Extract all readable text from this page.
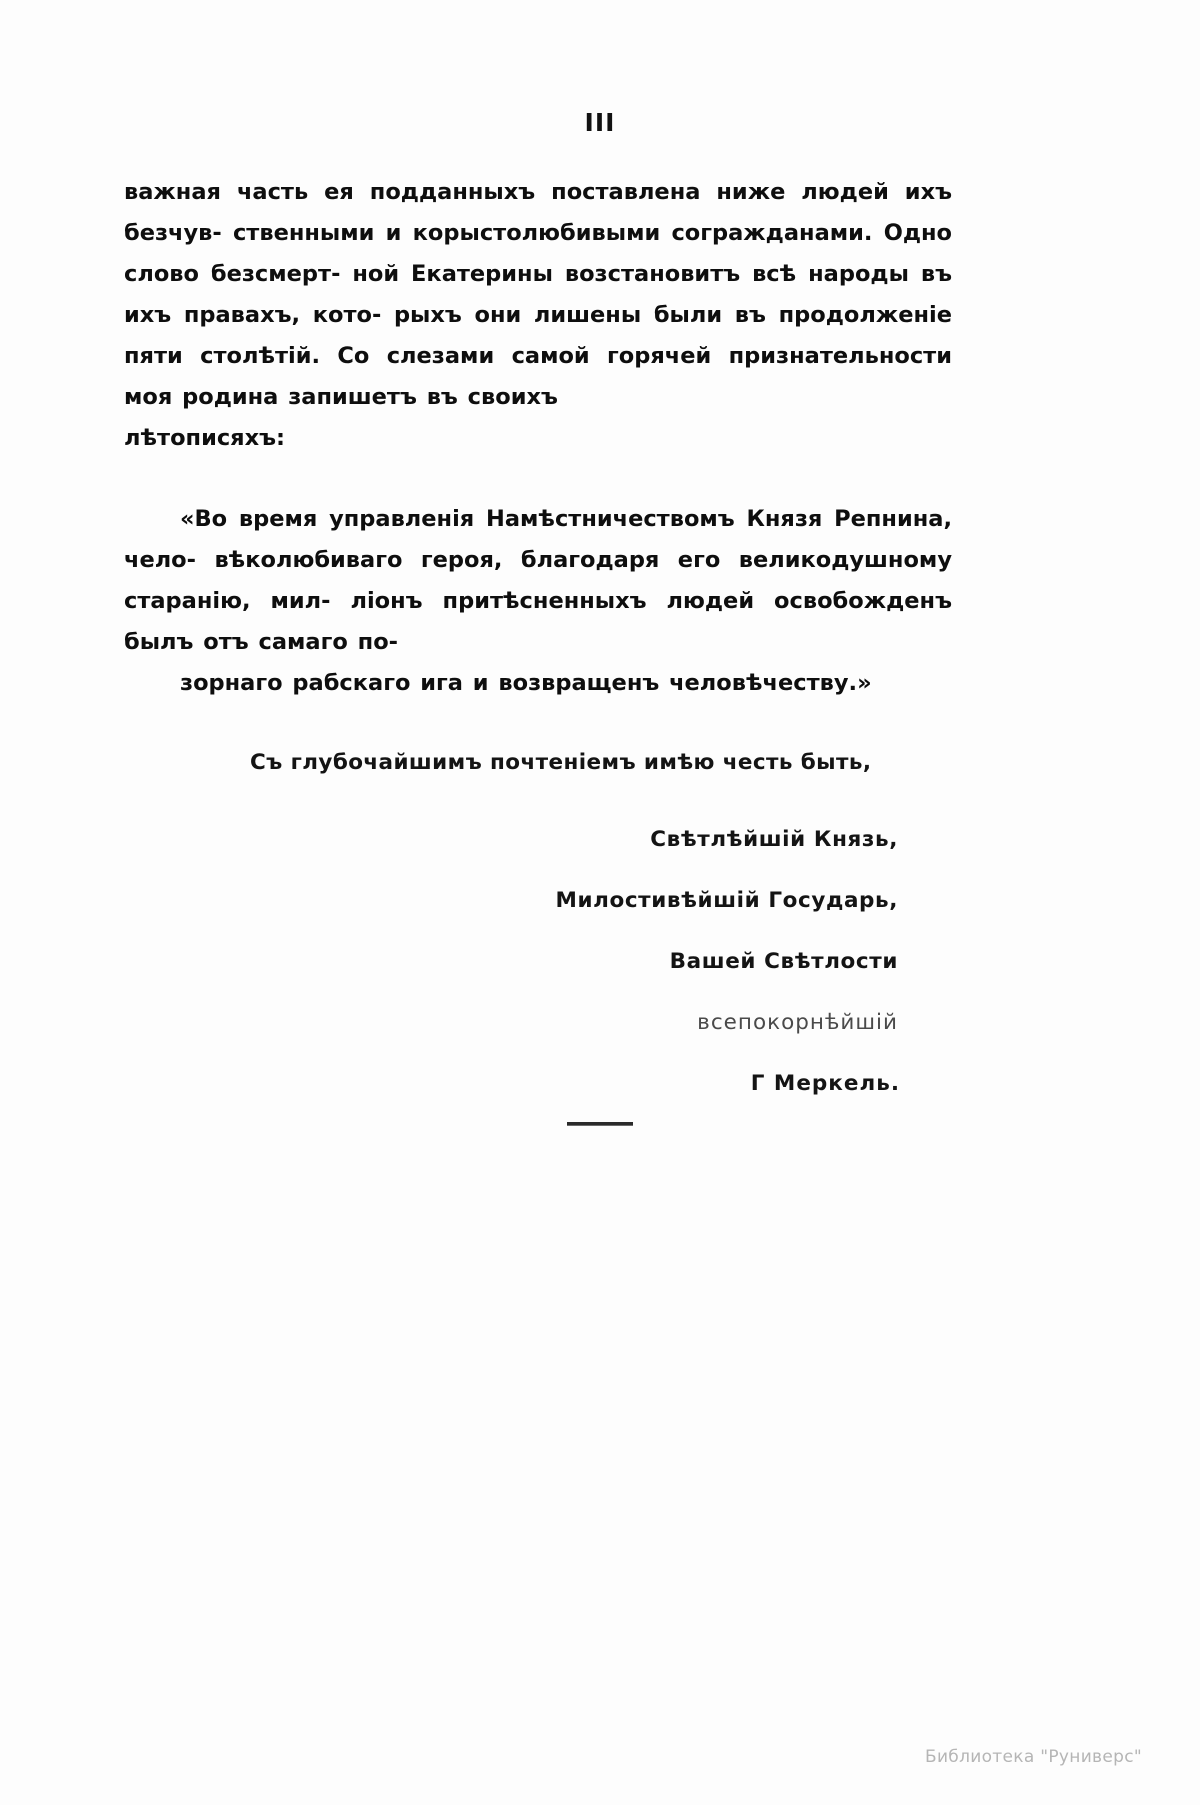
III

важная часть ея подданныхъ поставлена ниже людей ихъ безчув- ственными и корыстолюбивыми согражданами. Одно слово безсмерт- ной Екатерины возстановитъ всѣ народы въ ихъ правахъ, кото- рыхъ они лишены были въ продолженіе пяти столѣтій. Со слезами самой горячей признательности моя родина запишетъ въ своихъ
лѣтописяхъ:

«Во время управленія Намѣстничествомъ Князя Репнина, чело- вѣколюбиваго героя, благодаря его великодушному старанію, мил- ліонъ притѣсненныхъ людей освобожденъ былъ отъ самаго по-
зорнаго рабскаго ига и возвращенъ человѣчеству.»

Съ глубочайшимъ почтеніемъ имѣю честь быть,
Свѣтлѣйшій Князь,
Милостивѣйшій Государь,
Вашей Свѣтлости
всепокорнѣйшій
Г Меркель.
Библиотека "Руниверс"
